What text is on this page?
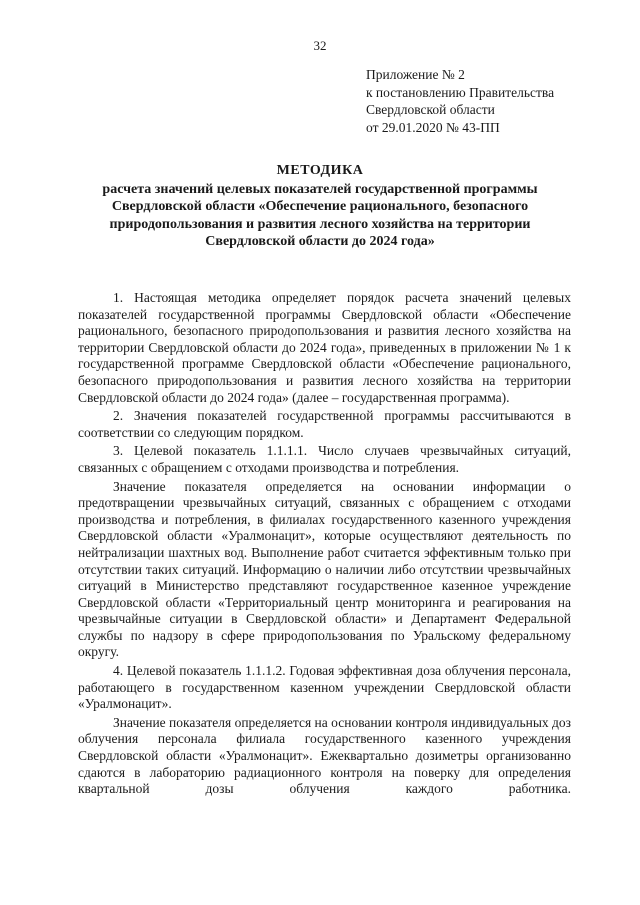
32
Приложение № 2
к постановлению Правительства
Свердловской области
от 29.01.2020 № 43-ПП
МЕТОДИКА
расчета значений целевых показателей государственной программы
Свердловской области «Обеспечение рационального, безопасного
природопользования и развития лесного хозяйства на территории
Свердловской области до 2024 года»

1. Настоящая методика определяет порядок расчета значений целевых показателей государственной программы Свердловской области «Обеспечение рационального, безопасного природопользования и развития лесного хозяйства на территории Свердловской области до 2024 года», приведенных в приложении № 1 к государственной программе Свердловской области «Обеспечение рационального, безопасного природопользования и развития лесного хозяйства на территории Свердловской области до 2024 года» (далее – государственная программа).

2. Значения показателей государственной программы рассчитываются в соответствии со следующим порядком.

3. Целевой показатель 1.1.1.1. Число случаев чрезвычайных ситуаций, связанных с обращением с отходами производства и потребления.

Значение показателя определяется на основании информации о предотвращении чрезвычайных ситуаций, связанных с обращением с отходами производства и потребления, в филиалах государственного казенного учреждения Свердловской области «Уралмонацит», которые осуществляют деятельность по нейтрализации шахтных вод. Выполнение работ считается эффективным только при отсутствии таких ситуаций. Информацию о наличии либо отсутствии чрезвычайных ситуаций в Министерство представляют государственное казенное учреждение Свердловской области «Территориальный центр мониторинга и реагирования на чрезвычайные ситуации в Свердловской области» и Департамент Федеральной службы по надзору в сфере природопользования по Уральскому федеральному округу.

4. Целевой показатель 1.1.1.2. Годовая эффективная доза облучения персонала, работающего в государственном казенном учреждении Свердловской области «Уралмонацит».

Значение показателя определяется на основании контроля индивидуальных доз облучения персонала филиала государственного казенного учреждения Свердловской области «Уралмонацит». Ежеквартально дозиметры организованно сдаются в лабораторию радиационного контроля на поверку для определения квартальной дозы облучения каждого работника.
